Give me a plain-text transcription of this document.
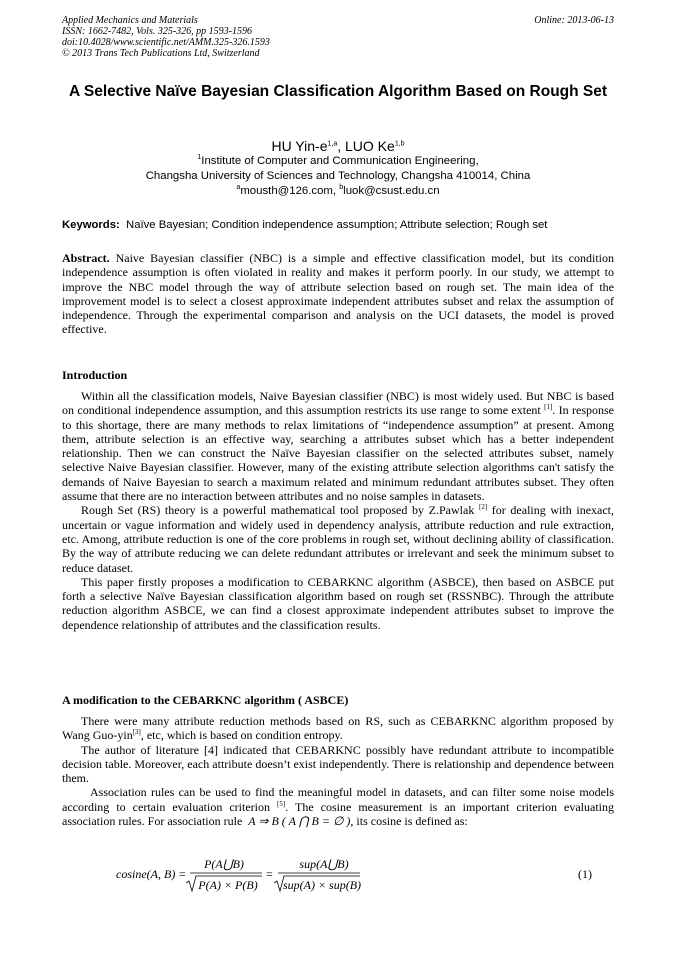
Applied Mechanics and Materials
ISSN: 1662-7482, Vols. 325-326, pp 1593-1596
doi:10.4028/www.scientific.net/AMM.325-326.1593
© 2013 Trans Tech Publications Ltd, Switzerland
Online: 2013-06-13
A Selective Naïve Bayesian Classification Algorithm Based on Rough Set
HU Yin-$e^{1,a}$, LUO Ke$^{1,b}$
$^1$Institute of Computer and Communication Engineering,
Changsha University of Sciences and Technology, Changsha 410014, China
$^a$mousth@126.com, $^b$luok@csust.edu.cn
Keywords: Naïve Bayesian; Condition independence assumption; Attribute selection; Rough set

Abstract. Naive Bayesian classifier (NBC) is a simple and effective classification model, but its condition independence assumption is often violated in reality and makes it perform poorly. In our study, we attempt to improve the NBC model through the way of attribute selection based on rough set. The main idea of the improvement model is to select a closest approximate independent attributes subset and relax the assumption of independence. Through the experimental comparison and analysis on the UCI datasets, the model is proved effective.

Introduction

Within all the classification models, Naive Bayesian classifier (NBC) is most widely used. But NBC is based on conditional independence assumption, and this assumption restricts its use range to some extent [1]. In response to this shortage, there are many methods to relax limitations of “independence assumption” at present. Among them, attribute selection is an effective way, searching a attributes subset which has a better independent relationship. Then we can construct the Naïve Bayesian classifier on the selected attributes subset, namely selective Naive Bayesian classifier. However, many of the existing attribute selection algorithms can't satisfy the demands of Naive Bayesian to search a maximum related and minimum redundant attributes subset. They often assume that there are no interaction between attributes and no noise samples in datasets.

Rough Set (RS) theory is a powerful mathematical tool proposed by Z.Pawlak [2] for dealing with inexact, uncertain or vague information and widely used in dependency analysis, attribute reduction and rule extraction, etc. Among, attribute reduction is one of the core problems in rough set, without declining ability of classification. By the way of attribute reducing we can delete redundant attributes or irrelevant and seek the minimum subset to reduce dataset.

This paper firstly proposes a modification to CEBARKNC algorithm (ASBCE), then based on ASBCE put forth a selective Naïve Bayesian classification algorithm based on rough set (RSSNBC). Through the attribute reduction algorithm ASBCE, we can find a closest approximate independent attributes subset to improve the dependence relationship of attributes and the classification results.

A modification to the CEBARKNC algorithm ( ASBCE)

There were many attribute reduction methods based on RS, such as CEBARKNC algorithm proposed by Wang Guo-yin[3], etc, which is based on condition entropy.

The author of literature [4] indicated that CEBARKNC possibly have redundant attribute to incompatible decision table. Moreover, each attribute doesn’t exist independently. There is relationship and dependence between them.

Association rules can be used to find the meaningful model in datasets, and can filter some noise models according to certain evaluation criterion [5]. The cosine measurement is an important criterion evaluating association rules. For association rule A ⇒ B ( A ⋂ B = ∅ ), its cosine is defined as:

cosine(A, B) =
P(A⋃B)
P(A) × P(B)
=
sup(A⋃B)
sup(A) × sup(B)
(1)
